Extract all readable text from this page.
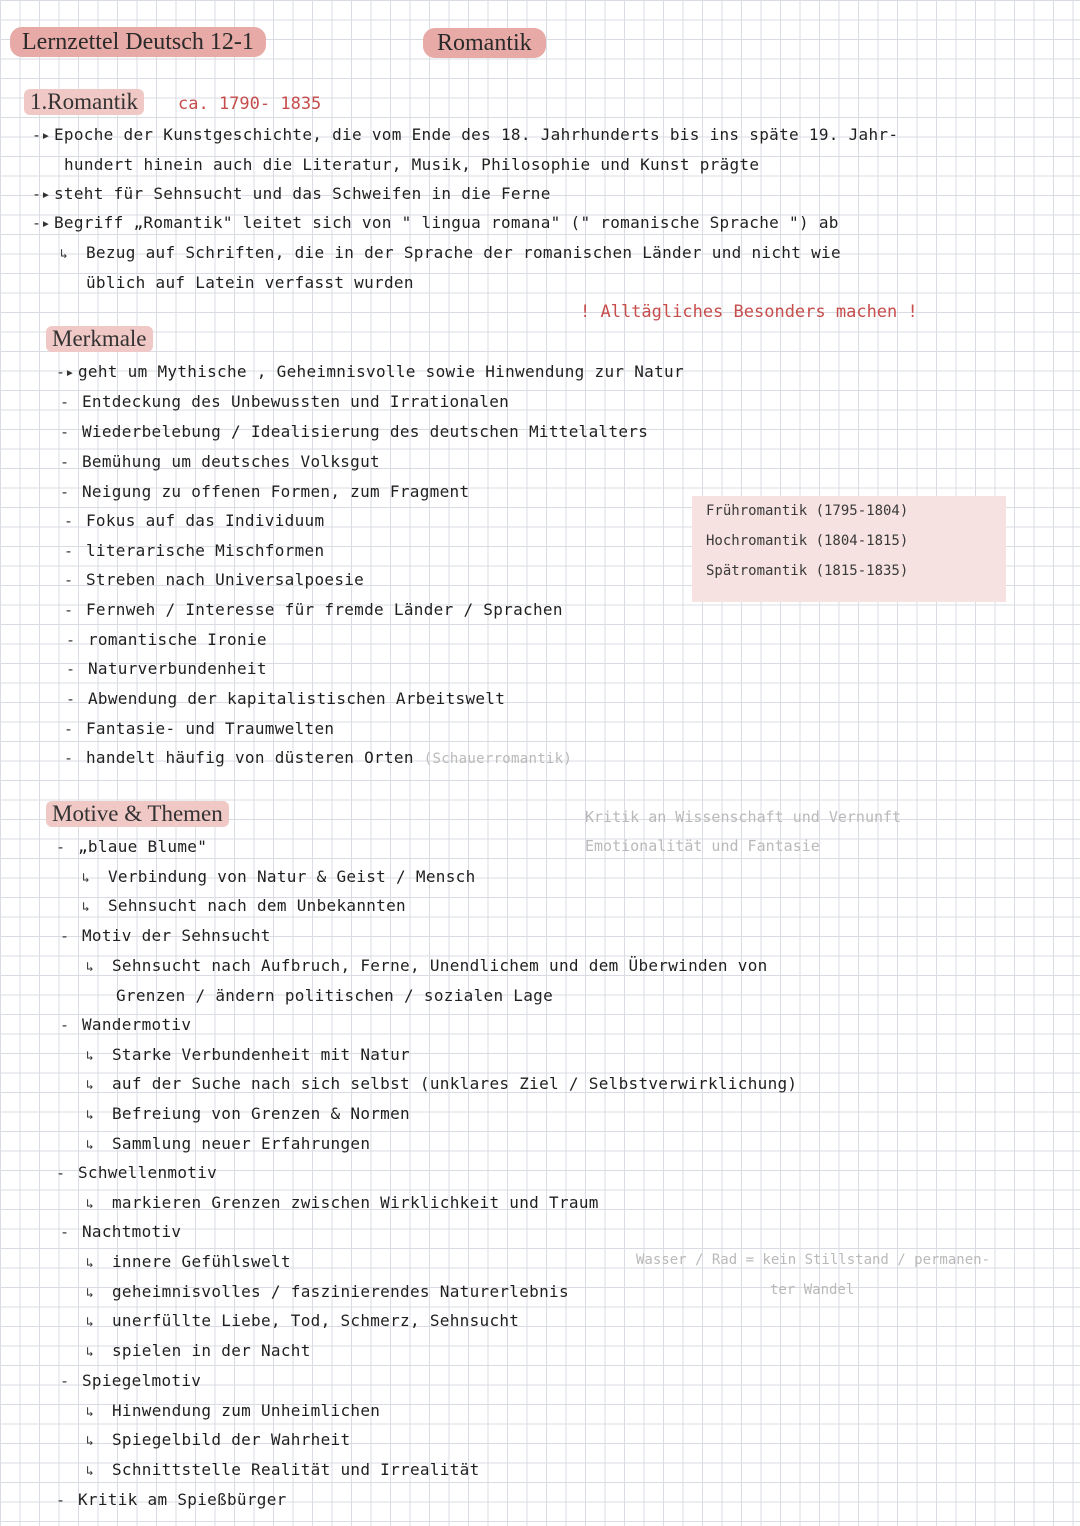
Lernzettel Deutsch 12-1	Romantik
1.Romantik	ca. 1790- 1835
-▸ Epoche der Kunstgeschichte, die vom Ende des 18. Jahrhunderts bis ins späte 19. Jahr-
hundert hinein auch die Literatur, Musik, Philosophie und Kunst prägte
-▸ steht für Sehnsucht und das Schweifen in die Ferne
-▸ Begriff „Romantik" leitet sich von " lingua romana" (" romanische Sprache ") ab
↳ Bezug auf Schriften, die in der Sprache der romanischen Länder und nicht wie
üblich auf Latein verfasst wurden
! Alltägliches Besonders machen !
Merkmale
-▸ geht um Mythische , Geheimnisvolle sowie Hinwendung zur Natur
- Entdeckung des Unbewussten und Irrationalen
- Wiederbelebung / Idealisierung des deutschen Mittelalters
- Bemühung um deutsches Volksgut
- Neigung zu offenen Formen, zum Fragment
- Fokus auf das Individuum
- literarische Mischformen
- Streben nach Universalpoesie
- Fernweh / Interesse für fremde Länder / Sprachen
- romantische Ironie
- Naturverbundenheit
- Abwendung der kapitalistischen Arbeitswelt
- Fantasie- und Traumwelten
- handelt häufig von düsteren Orten (Schauerromantik)
Frühromantik (1795-1804)
Hochromantik (1804-1815)
Spätromantik (1815-1835)
Motive & Themen	Kritik an Wissenschaft und Vernunft
Emotionalität und Fantasie
- „blaue Blume"
↳ Verbindung von Natur & Geist / Mensch
↳ Sehnsucht nach dem Unbekannten
- Motiv der Sehnsucht
↳ Sehnsucht nach Aufbruch, Ferne, Unendlichem und dem Überwinden von
Grenzen / ändern politischen / sozialen Lage
- Wandermotiv
↳ Starke Verbundenheit mit Natur
↳ auf der Suche nach sich selbst (unklares Ziel / Selbstverwirklichung)
↳ Befreiung von Grenzen & Normen
↳ Sammlung neuer Erfahrungen
- Schwellenmotiv
↳ markieren Grenzen zwischen Wirklichkeit und Traum
- Nachtmotiv
↳ innere Gefühlswelt
↳ geheimnisvolles / faszinierendes Naturerlebnis
↳ unerfüllte Liebe, Tod, Schmerz, Sehnsucht
↳ spielen in der Nacht
Wasser / Rad = kein Stillstand / permanen-
ter Wandel
- Spiegelmotiv
↳ Hinwendung zum Unheimlichen
↳ Spiegelbild der Wahrheit
↳ Schnittstelle Realität und Irrealität
- Kritik am Spießbürger
